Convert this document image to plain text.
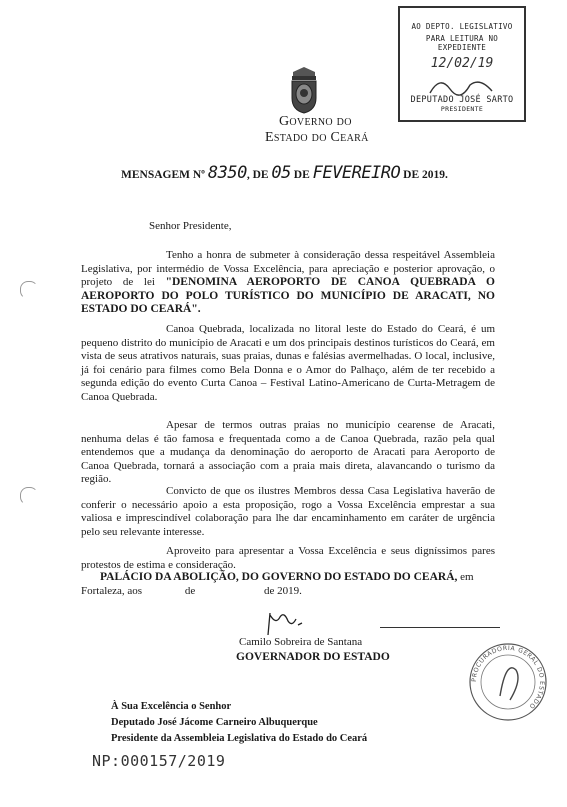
AO DEPTO. LEGISLATIVO
PARA LEITURA NO EXPEDIENTE
12/02/19
DEPUTADO JOSÉ SARTO
PRESIDENTE
Governo do
Estado do Ceará
MENSAGEM Nº 8350, DE 05 DE FEVEREIRO DE 2019.
Senhor Presidente,
Tenho a honra de submeter à consideração dessa respeitável Assembleia Legislativa, por intermédio de Vossa Excelência, para apreciação e posterior aprovação, o projeto de lei "DENOMINA AEROPORTO DE CANOA QUEBRADA O AEROPORTO DO POLO TURÍSTICO DO MUNICÍPIO DE ARACATI, NO ESTADO DO CEARÁ".
Canoa Quebrada, localizada no litoral leste do Estado do Ceará, é um pequeno distrito do município de Aracati e um dos principais destinos turísticos do Ceará, em vista de seus atrativos naturais, suas praias, dunas e falésias avermelhadas. O local, inclusive, já foi cenário para filmes como Bela Donna e o Amor do Palhaço, além de ter recebido a segunda edição do evento Curta Canoa – Festival Latino-Americano de Curta-Metragem de Canoa Quebrada.
Apesar de termos outras praias no município cearense de Aracati, nenhuma delas é tão famosa e frequentada como a de Canoa Quebrada, razão pela qual entendemos que a mudança da denominação do aeroporto de Aracati para Aeroporto de Canoa Quebrada, tornará a associação com a praia mais direta, alavancando o turismo da região.
Convicto de que os ilustres Membros dessa Casa Legislativa haverão de conferir o necessário apoio a esta proposição, rogo a Vossa Excelência emprestar a sua valiosa e imprescindível colaboração para lhe dar encaminhamento em caráter de urgência pelo seu relevante interesse.
Aproveito para apresentar a Vossa Excelência e seus digníssimos pares protestos de estima e consideração.
PALÁCIO DA ABOLIÇÃO, DO GOVERNO DO ESTADO DO CEARÁ, em
Fortaleza, aos	de	de 2019.
Camilo Sobreira de Santana
GOVERNADOR DO ESTADO
PROCURADORIA GERAL DO ESTADO
À Sua Excelência o Senhor
Deputado José Jácome Carneiro Albuquerque
Presidente da Assembleia Legislativa do Estado do Ceará
NP:000157/2019
